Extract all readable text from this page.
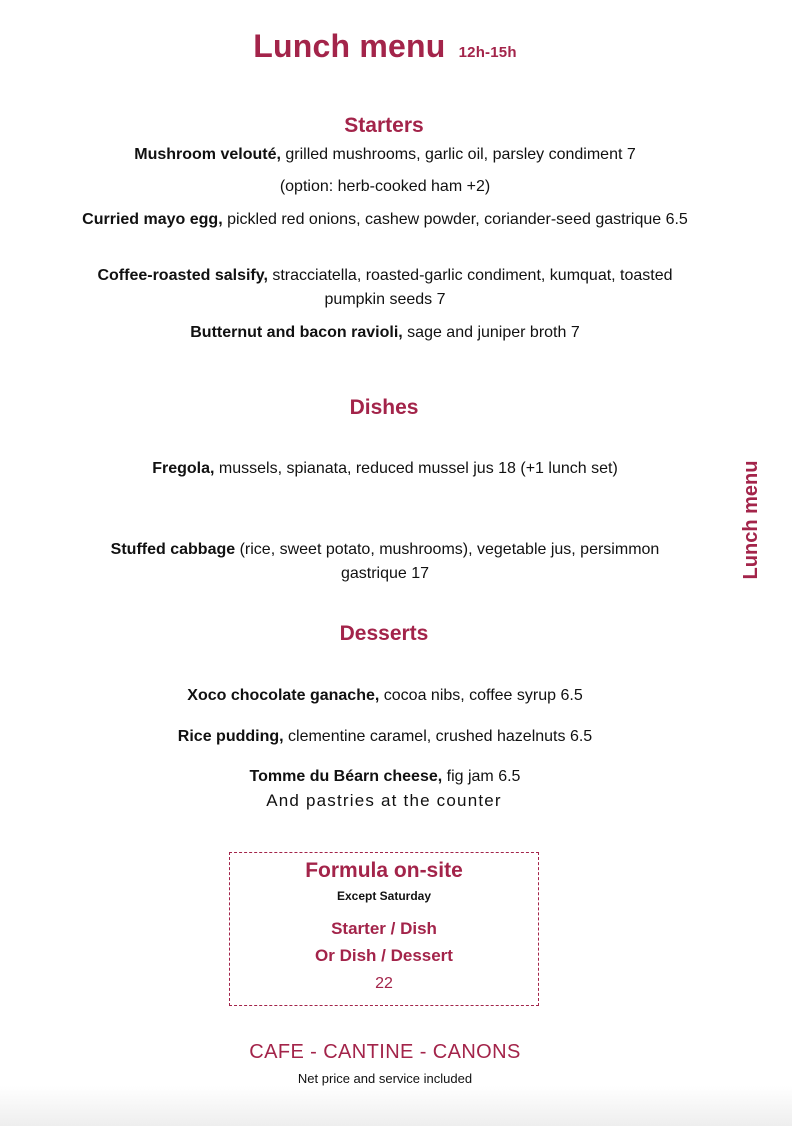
Lunch menu 12h-15h
Starters
Mushroom velouté, grilled mushrooms, garlic oil, parsley condiment 7
(option: herb-cooked ham +2)
Curried mayo egg, pickled red onions, cashew powder, coriander-seed gastrique 6.5
Coffee-roasted salsify, stracciatella, roasted-garlic condiment, kumquat, toasted pumpkin seeds 7
Butternut and bacon ravioli, sage and juniper broth 7
Dishes
Fregola, mussels, spianata, reduced mussel jus 18 (+1 lunch set)
Stuffed cabbage (rice, sweet potato, mushrooms), vegetable jus, persimmon gastrique 17
Desserts
Xoco chocolate ganache, cocoa nibs, coffee syrup 6.5
Rice pudding, clementine caramel, crushed hazelnuts 6.5
Tomme du Béarn cheese, fig jam 6.5
And pastries at the counter
Formula on-site
Except Saturday
Starter / Dish
Or Dish / Dessert
22
CAFE - CANTINE - CANONS
Net price and service included
Lunch menu
